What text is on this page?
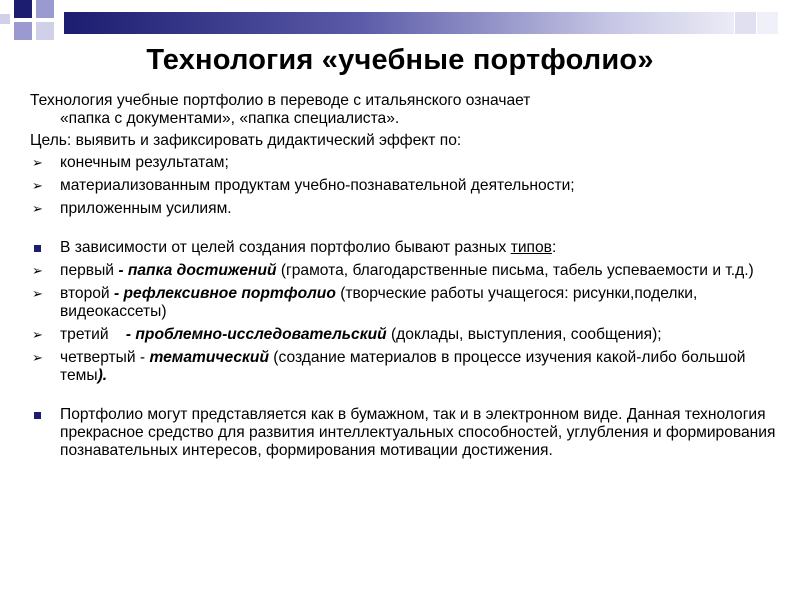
Технология «учебные портфолио»
Технология учебные портфолио в переводе с итальянского означает
«папка с документами», «папка специалиста».
Цель: выявить и зафиксировать дидактический эффект по:
➢	конечным результатам;
➢	материализованным продуктам учебно-познавательной деятельности;
➢	приложенным усилиям.
В зависимости от целей создания портфолио бывают разных типов:
➢	первый - папка достижений (грамота, благодарственные письма, табель успеваемости и т.д.)
➢	второй - рефлексивное портфолио (творческие работы учащегося: рисунки,поделки, видеокассеты)
➢	третий    - проблемно-исследовательский (доклады, выступления, сообщения);
➢	четвертый - тематический (создание материалов в процессе изучения какой-либо большой темы).
Портфолио могут представляется как в бумажном, так и в электронном виде. Данная технология прекрасное средство для развития интеллектуальных способностей, углубления и формирования познавательных интересов, формирования мотивации достижения.
